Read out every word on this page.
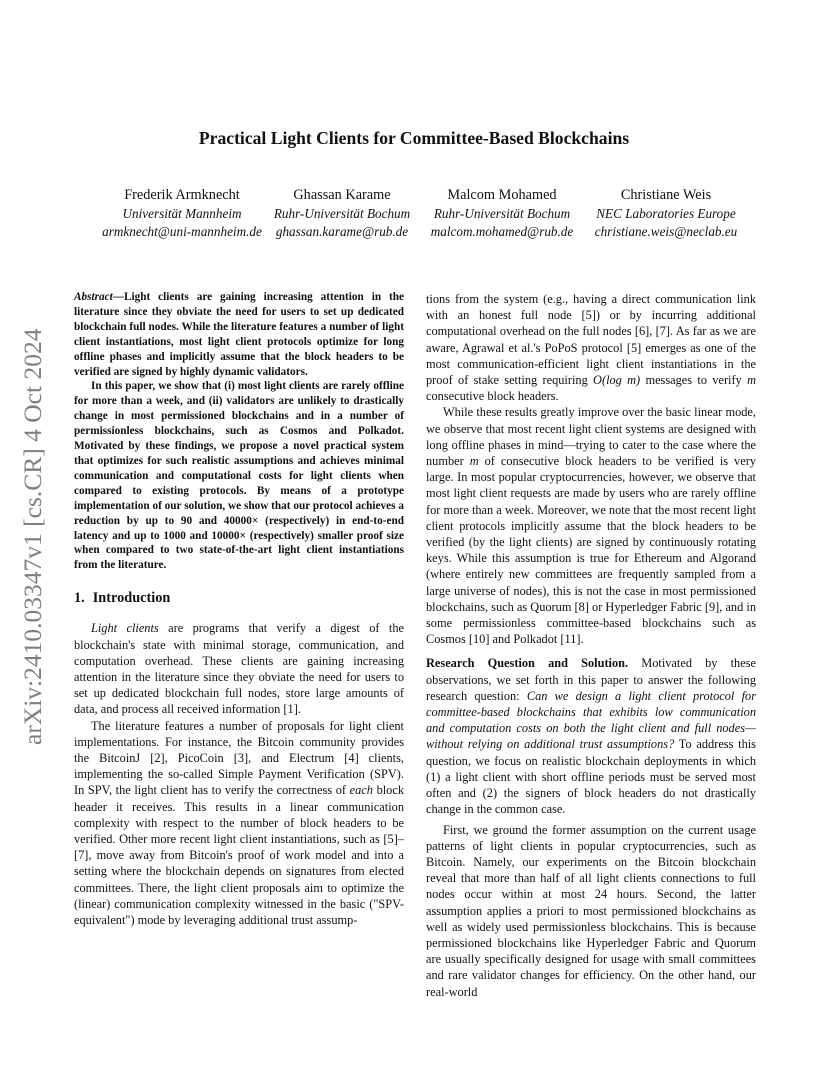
arXiv:2410.03347v1 [cs.CR] 4 Oct 2024
Practical Light Clients for Committee-Based Blockchains
Frederik Armknecht
Universität Mannheim
armknecht@uni-mannheim.de
Ghassan Karame
Ruhr-Universität Bochum
ghassan.karame@rub.de
Malcom Mohamed
Ruhr-Universität Bochum
malcom.mohamed@rub.de
Christiane Weis
NEC Laboratories Europe
christiane.weis@neclab.eu

Abstract—Light clients are gaining increasing attention in the literature since they obviate the need for users to set up dedicated blockchain full nodes. While the literature features a number of light client instantiations, most light client protocols optimize for long offline phases and implicitly assume that the block headers to be verified are signed by highly dynamic validators.

In this paper, we show that (i) most light clients are rarely offline for more than a week, and (ii) validators are unlikely to drastically change in most permissioned blockchains and in a number of permissionless blockchains, such as Cosmos and Polkadot. Motivated by these findings, we propose a novel practical system that optimizes for such realistic assumptions and achieves minimal communication and computational costs for light clients when compared to existing protocols. By means of a prototype implementation of our solution, we show that our protocol achieves a reduction by up to 90 and 40000× (respectively) in end-to-end latency and up to 1000 and 10000× (respectively) smaller proof size when compared to two state-of-the-art light client instantiations from the literature.

1. Introduction

Light clients are programs that verify a digest of the blockchain's state with minimal storage, communication, and computation overhead. These clients are gaining increasing attention in the literature since they obviate the need for users to set up dedicated blockchain full nodes, store large amounts of data, and process all received information [1].

The literature features a number of proposals for light client implementations. For instance, the Bitcoin community provides the BitcoinJ [2], PicoCoin [3], and Electrum [4] clients, implementing the so-called Simple Payment Verification (SPV). In SPV, the light client has to verify the correctness of each block header it receives. This results in a linear communication complexity with respect to the number of block headers to be verified. Other more recent light client instantiations, such as [5]–[7], move away from Bitcoin's proof of work model and into a setting where the blockchain depends on signatures from elected committees. There, the light client proposals aim to optimize the (linear) communication complexity witnessed in the basic ("SPV-equivalent") mode by leveraging additional trust assump-

tions from the system (e.g., having a direct communication link with an honest full node [5]) or by incurring additional computational overhead on the full nodes [6], [7]. As far as we are aware, Agrawal et al.'s PoPoS protocol [5] emerges as one of the most communication-efficient light client instantiations in the proof of stake setting requiring O(log m) messages to verify m consecutive block headers.

While these results greatly improve over the basic linear mode, we observe that most recent light client systems are designed with long offline phases in mind—trying to cater to the case where the number m of consecutive block headers to be verified is very large. In most popular cryptocurrencies, however, we observe that most light client requests are made by users who are rarely offline for more than a week. Moreover, we note that the most recent light client protocols implicitly assume that the block headers to be verified (by the light clients) are signed by continuously rotating keys. While this assumption is true for Ethereum and Algorand (where entirely new committees are frequently sampled from a large universe of nodes), this is not the case in most permissioned blockchains, such as Quorum [8] or Hyperledger Fabric [9], and in some permissionless committee-based blockchains such as Cosmos [10] and Polkadot [11].

Research Question and Solution. Motivated by these observations, we set forth in this paper to answer the following research question: Can we design a light client protocol for committee-based blockchains that exhibits low communication and computation costs on both the light client and full nodes—without relying on additional trust assumptions? To address this question, we focus on realistic blockchain deployments in which (1) a light client with short offline periods must be served most often and (2) the signers of block headers do not drastically change in the common case.

First, we ground the former assumption on the current usage patterns of light clients in popular cryptocurrencies, such as Bitcoin. Namely, our experiments on the Bitcoin blockchain reveal that more than half of all light clients connections to full nodes occur within at most 24 hours. Second, the latter assumption applies a priori to most permissioned blockchains as well as widely used permissionless blockchains. This is because permissioned blockchains like Hyperledger Fabric and Quorum are usually specifically designed for usage with small committees and rare validator changes for efficiency. On the other hand, our real-world
